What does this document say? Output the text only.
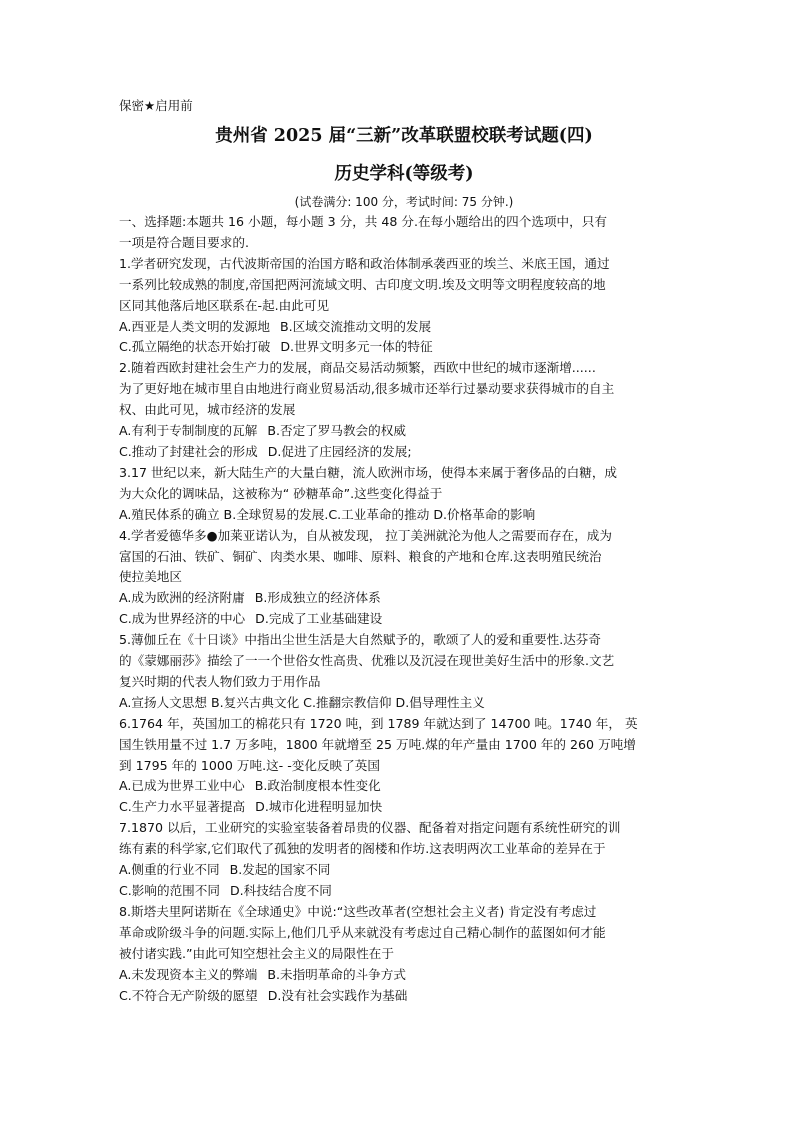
保密★启用前
贵州省 2025 届“三新”改革联盟校联考试题(四)
历史学科(等级考)
(试卷满分: 100 分，考试时间: 75 分钟.)

一、选择题:本题共 16 小题，每小题 3 分，共 48 分.在每小题给出的四个选项中，只有

一项是符合题目要求的.

1.学者研究发现，古代波斯帝国的治国方略和政治体制承袭西亚的埃兰、米底王国，通过

一系列比较成熟的制度,帝国把两河流域文明、古印度文明.埃及文明等文明程度较高的地

区同其他落后地区联系在-起.由此可见

A.西亚是人类文明的发源地 B.区域交流推动文明的发展
C.孤立隔绝的状态开始打破 D.世界文明多元一体的特征

2.随着西欧封建社会生产力的发展，商品交易活动频繁，西欧中世纪的城市逐渐增......

为了更好地在城市里自由地进行商业贸易活动,很多城市还举行过暴动要求获得城市的自主

权、由此可见，城市经济的发展

A.有利于专制制度的瓦解 B.否定了罗马教会的权威
C.推动了封建社会的形成 D.促进了庄园经济的发展;

3.17 世纪以来，新大陆生产的大量白糖，流人欧洲市场，使得本来属于奢侈品的白糖，成

为大众化的调味品，这被称为“ 砂糖革命”.这些变化得益于

A.殖民体系的确立 B.全球贸易的发展.C.工业革命的推动 D.价格革命的影响

4.学者爱德华多●加莱亚诺认为，自从被发现， 拉丁美洲就沦为他人之需要而存在，成为

富国的石油、铁矿、铜矿、肉类水果、咖啡、原料、粮食的产地和仓库.这表明殖民统治

使拉美地区

A.成为欧洲的经济附庸 B.形成独立的经济体系
C.成为世界经济的中心 D.完成了工业基础建设

5.薄伽丘在《十日谈》中指出尘世生活是大自然赋予的，歌颂了人的爱和重要性.达芬奇

的《蒙娜丽莎》描绘了一一个世俗女性高贵、优雅以及沉浸在现世美好生活中的形象.文艺

复兴时期的代表人物们致力于用作品

A.宣扬人文思想 B.复兴古典文化 C.推翻宗教信仰 D.倡导理性主义

6.1764 年，英国加工的棉花只有 1720 吨，到 1789 年就达到了 14700 吨。1740 年， 英

国生铁用量不过 1.7 万多吨，1800 年就增至 25 万吨.煤的年产量由 1700 年的 260 万吨增

到 1795 年的 1000 万吨.这- -变化反映了英国

A.已成为世界工业中心 B.政治制度根本性变化
C.生产力水平显著提高 D.城市化进程明显加快

7.1870 以后，工业研究的实验室装备着昂贵的仪器、配备着对指定问题有系统性研究的训

练有素的科学家,它们取代了孤独的发明者的阁楼和作坊.这表明两次工业革命的差异在于

A.侧重的行业不同 B.发起的国家不同
C.影响的范围不同 D.科技结合度不同

8.斯塔夫里阿诺斯在《全球通史》中说:“这些改革者(空想社会主义者) 肯定没有考虑过

革命或阶级斗争的问题.实际上,他们几乎从来就没有考虑过自己精心制作的蓝图如何才能

被付诸实践.”由此可知空想社会主义的局限性在于

A.未发现资本主义的弊端 B.未指明革命的斗争方式
C.不符合无产阶级的愿望 D.没有社会实践作为基础
